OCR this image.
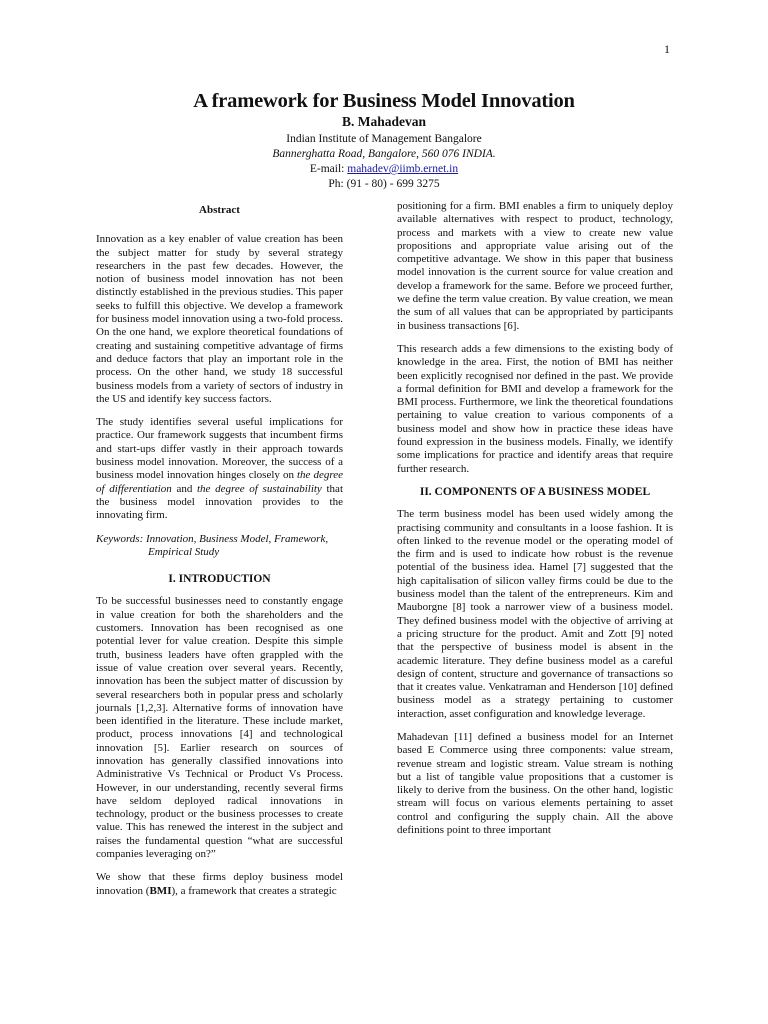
1
A framework for Business Model Innovation
B. Mahadevan
Indian Institute of Management Bangalore
Bannerghatta Road, Bangalore, 560 076 INDIA.
E-mail: mahadev@iimb.ernet.in
Ph: (91 - 80) - 699 3275
Abstract

Innovation as a key enabler of value creation has been the subject matter for study by several strategy researchers in the past few decades. However, the notion of business model innovation has not been distinctly established in the previous studies. This paper seeks to fulfill this objective. We develop a framework for business model innovation using a two-fold process. On the one hand, we explore theoretical foundations of creating and sustaining competitive advantage of firms and deduce factors that play an important role in the process. On the other hand, we study 18 successful business models from a variety of sectors of industry in the US and identify key success factors.

The study identifies several useful implications for practice. Our framework suggests that incumbent firms and start-ups differ vastly in their approach towards business model innovation. Moreover, the success of a business model innovation hinges closely on the degree of differentiation and the degree of sustainability that the business model innovation provides to the innovating firm.

Keywords: Innovation, Business Model, Framework,
Empirical Study
I. INTRODUCTION

To be successful businesses need to constantly engage in value creation for both the shareholders and the customers. Innovation has been recognised as one potential lever for value creation. Despite this simple truth, business leaders have often grappled with the issue of value creation over several years. Recently, innovation has been the subject matter of discussion by several researchers both in popular press and scholarly journals [1,2,3]. Alternative forms of innovation have been identified in the literature. These include market, product, process innovations [4] and technological innovation [5]. Earlier research on sources of innovation has generally classified innovations into Administrative Vs Technical or Product Vs Process. However, in our understanding, recently several firms have seldom deployed radical innovations in technology, product or the business processes to create value. This has renewed the interest in the subject and raises the fundamental question “what are successful companies leveraging on?”

We show that these firms deploy business model innovation (BMI), a framework that creates a strategic

positioning for a firm. BMI enables a firm to uniquely deploy available alternatives with respect to product, technology, process and markets with a view to create new value propositions and appropriate value arising out of the competitive advantage. We show in this paper that business model innovation is the current source for value creation and develop a framework for the same. Before we proceed further, we define the term value creation. By value creation, we mean the sum of all values that can be appropriated by participants in business transactions [6].

This research adds a few dimensions to the existing body of knowledge in the area. First, the notion of BMI has neither been explicitly recognised nor defined in the past. We provide a formal definition for BMI and develop a framework for the BMI process. Furthermore, we link the theoretical foundations pertaining to value creation to various components of a business model and show how in practice these ideas have found expression in the business models. Finally, we identify some implications for practice and identify areas that require further research.

II. COMPONENTS OF A BUSINESS MODEL

The term business model has been used widely among the practising community and consultants in a loose fashion. It is often linked to the revenue model or the operating model of the firm and is used to indicate how robust is the revenue potential of the business idea. Hamel [7] suggested that the high capitalisation of silicon valley firms could be due to the business model than the talent of the entrepreneurs. Kim and Mauborgne [8] took a narrower view of a business model. They defined business model with the objective of arriving at a pricing structure for the product. Amit and Zott [9] noted that the perspective of business model is absent in the academic literature. They define business model as a careful design of content, structure and governance of transactions so that it creates value. Venkatraman and Henderson [10] defined business model as a strategy pertaining to customer interaction, asset configuration and knowledge leverage.

Mahadevan [11] defined a business model for an Internet based E Commerce using three components: value stream, revenue stream and logistic stream. Value stream is nothing but a list of tangible value propositions that a customer is likely to derive from the business. On the other hand, logistic stream will focus on various elements pertaining to asset control and configuring the supply chain. All the above definitions point to three important
